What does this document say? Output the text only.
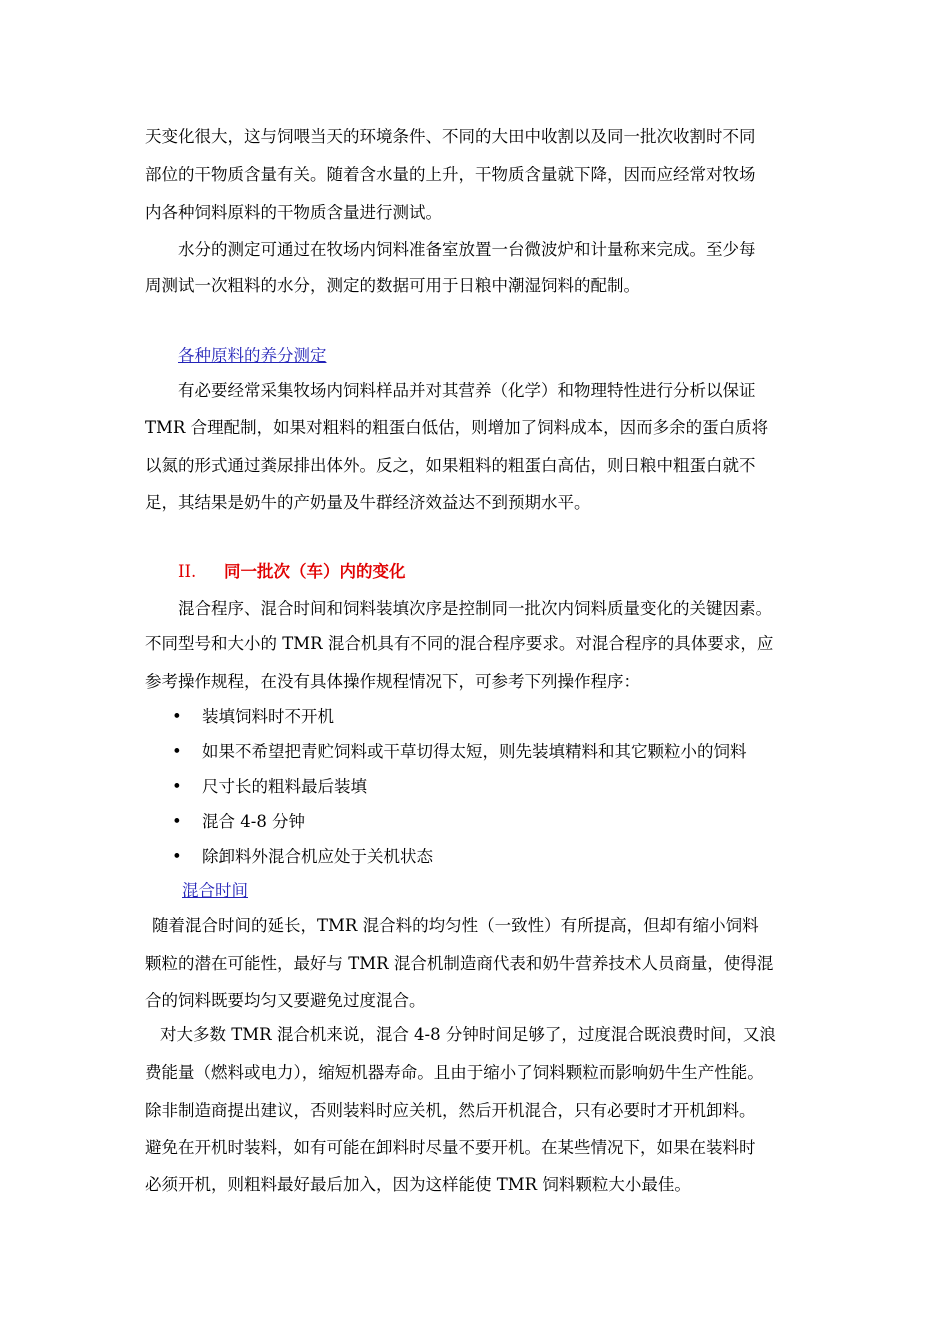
天变化很大，这与饲喂当天的环境条件、不同的大田中收割以及同一批次收割时不同
部位的干物质含量有关。随着含水量的上升，干物质含量就下降，因而应经常对牧场
内各种饲料原料的干物质含量进行测试。
水分的测定可通过在牧场内饲料准备室放置一台微波炉和计量称来完成。至少每
周测试一次粗料的水分，测定的数据可用于日粮中潮湿饲料的配制。
各种原料的养分测定
有必要经常采集牧场内饲料样品并对其营养（化学）和物理特性进行分析以保证
TMR 合理配制，如果对粗料的粗蛋白低估，则增加了饲料成本，因而多余的蛋白质将
以氮的形式通过粪尿排出体外。反之，如果粗料的粗蛋白高估，则日粮中粗蛋白就不
足，其结果是奶牛的产奶量及牛群经济效益达不到预期水平。
II. 同一批次（车）内的变化
混合程序、混合时间和饲料装填次序是控制同一批次内饲料质量变化的关键因素。
不同型号和大小的 TMR 混合机具有不同的混合程序要求。对混合程序的具体要求，应
参考操作规程，在没有具体操作规程情况下，可参考下列操作程序：
• 装填饲料时不开机
• 如果不希望把青贮饲料或干草切得太短，则先装填精料和其它颗粒小的饲料
• 尺寸长的粗料最后装填
• 混合 4-8 分钟
• 除卸料外混合机应处于关机状态
混合时间
随着混合时间的延长，TMR 混合料的均匀性（一致性）有所提高，但却有缩小饲料
颗粒的潜在可能性，最好与 TMR 混合机制造商代表和奶牛营养技术人员商量，使得混
合的饲料既要均匀又要避免过度混合。
对大多数 TMR 混合机来说，混合 4-8 分钟时间足够了，过度混合既浪费时间，又浪
费能量（燃料或电力），缩短机器寿命。且由于缩小了饲料颗粒而影响奶牛生产性能。
除非制造商提出建议，否则装料时应关机，然后开机混合，只有必要时才开机卸料。
避免在开机时装料，如有可能在卸料时尽量不要开机。在某些情况下，如果在装料时
必须开机，则粗料最好最后加入，因为这样能使 TMR 饲料颗粒大小最佳。
